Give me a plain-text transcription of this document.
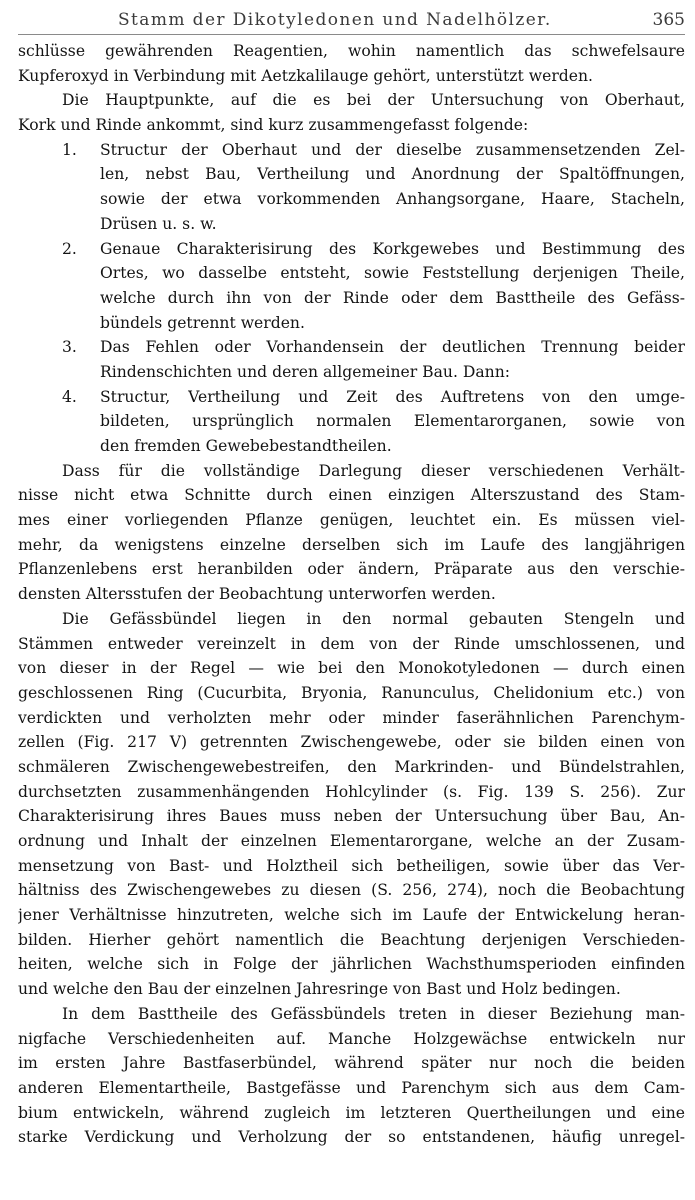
Stamm der Dikotyledonen und Nadelhölzer.	365
schlüsse gewährenden Reagentien, wohin namentlich das schwefelsaure
Kupferoxyd in Verbindung mit Aetzkalilauge gehört, unterstützt werden.
Die Hauptpunkte, auf die es bei der Untersuchung von Oberhaut,
Kork und Rinde ankommt, sind kurz zusammengefasst folgende:
1. Structur der Oberhaut und der dieselbe zusammensetzenden Zel-
len, nebst Bau, Vertheilung und Anordnung der Spaltöffnungen,
sowie der etwa vorkommenden Anhangsorgane, Haare, Stacheln,
Drüsen u. s. w.
2. Genaue Charakterisirung des Korkgewebes und Bestimmung des
Ortes, wo dasselbe entsteht, sowie Feststellung derjenigen Theile,
welche durch ihn von der Rinde oder dem Basttheile des Gefäss-
bündels getrennt werden.
3. Das Fehlen oder Vorhandensein der deutlichen Trennung beider
Rindenschichten und deren allgemeiner Bau. Dann:
4. Structur, Vertheilung und Zeit des Auftretens von den umge-
bildeten, ursprünglich normalen Elementarorganen, sowie von
den fremden Gewebebestandtheilen.
Dass für die vollständige Darlegung dieser verschiedenen Verhält-
nisse nicht etwa Schnitte durch einen einzigen Alterszustand des Stam-
mes einer vorliegenden Pflanze genügen, leuchtet ein. Es müssen viel-
mehr, da wenigstens einzelne derselben sich im Laufe des langjährigen
Pflanzenlebens erst heranbilden oder ändern, Präparate aus den verschie-
densten Altersstufen der Beobachtung unterworfen werden.
Die Gefässbündel liegen in den normal gebauten Stengeln und
Stämmen entweder vereinzelt in dem von der Rinde umschlossenen, und
von dieser in der Regel — wie bei den Monokotyledonen — durch einen
geschlossenen Ring (Cucurbita, Bryonia, Ranunculus, Chelidonium etc.) von
verdickten und verholzten mehr oder minder faserähnlichen Parenchym-
zellen (Fig. 217 V) getrennten Zwischengewebe, oder sie bilden einen von
schmäleren Zwischengewebestreifen, den Markrinden- und Bündelstrahlen,
durchsetzten zusammenhängenden Hohlcylinder (s. Fig. 139 S. 256). Zur
Charakterisirung ihres Baues muss neben der Untersuchung über Bau, An-
ordnung und Inhalt der einzelnen Elementarorgane, welche an der Zusam-
mensetzung von Bast- und Holztheil sich betheiligen, sowie über das Ver-
hältniss des Zwischengewebes zu diesen (S. 256, 274), noch die Beobachtung
jener Verhältnisse hinzutreten, welche sich im Laufe der Entwickelung heran-
bilden. Hierher gehört namentlich die Beachtung derjenigen Verschieden-
heiten, welche sich in Folge der jährlichen Wachsthumsperioden einfinden
und welche den Bau der einzelnen Jahresringe von Bast und Holz bedingen.
In dem Basttheile des Gefässbündels treten in dieser Beziehung man-
nigfache Verschiedenheiten auf. Manche Holzgewächse entwickeln nur
im ersten Jahre Bastfaserbündel, während später nur noch die beiden
anderen Elementartheile, Bastgefässe und Parenchym sich aus dem Cam-
bium entwickeln, während zugleich im letzteren Quertheilungen und eine
starke Verdickung und Verholzung der so entstandenen, häufig unregel-
